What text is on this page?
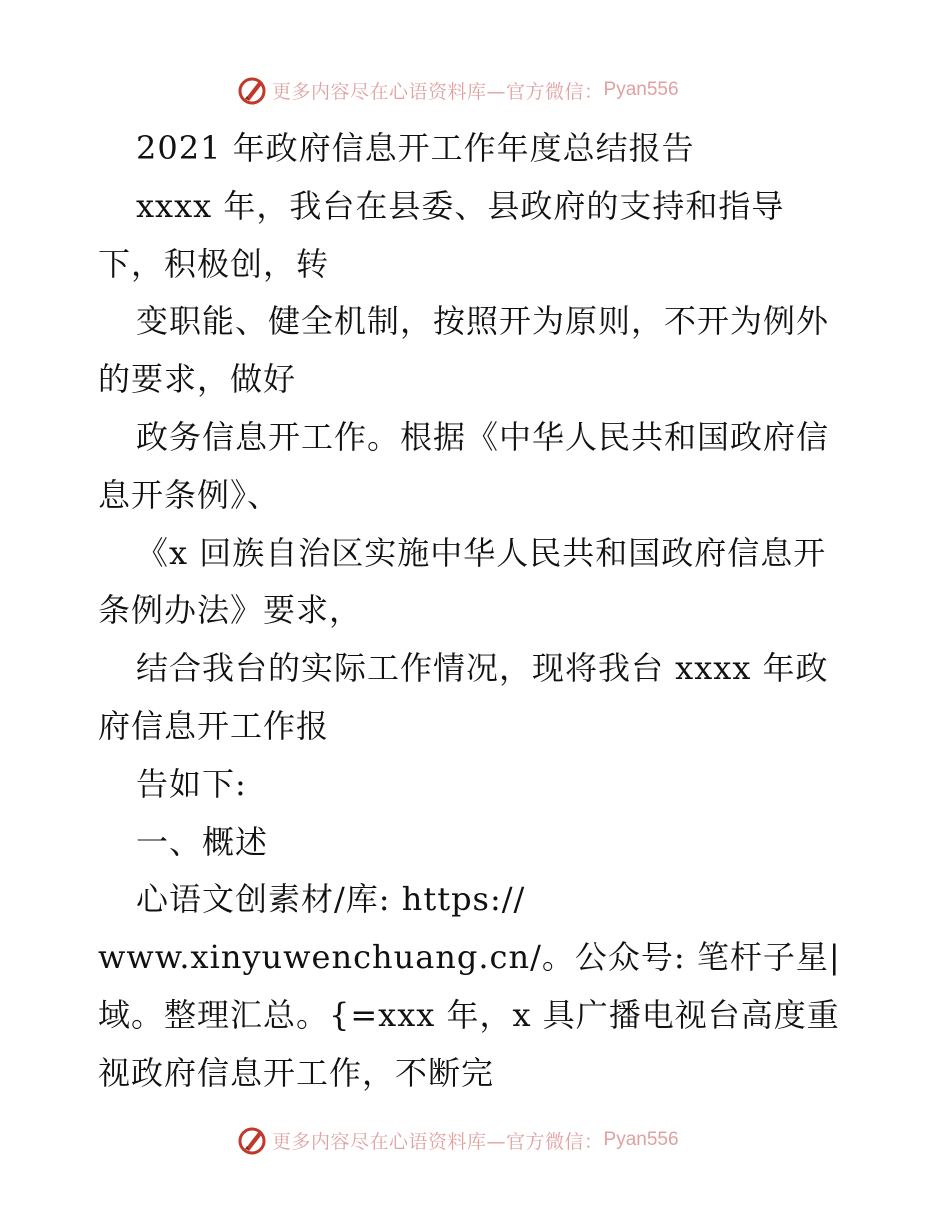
更多内容尽在心语资料库—官方微信： Pyan556
2021 年政府信息开工作年度总结报告
xxxx 年，我台在县委、县政府的支持和指导
下，积极创，转
变职能、健全机制，按照开为原则，不开为例外
的要求，做好
政务信息开工作。根据《中华人民共和国政府信
息开条例》、
《x 回族自治区实施中华人民共和国政府信息开
条例办法》要求，
结合我台的实际工作情况，现将我台 xxxx 年政
府信息开工作报
告如下:
一、概述
心语文创素材/库: https://
www.xinyuwenchuang.cn/。公众号: 笔杆子星|
域。整理汇总。{=xxx 年，x 具广播电视台高度重
视政府信息开工作，不断完
更多内容尽在心语资料库—官方微信： Pyan556
